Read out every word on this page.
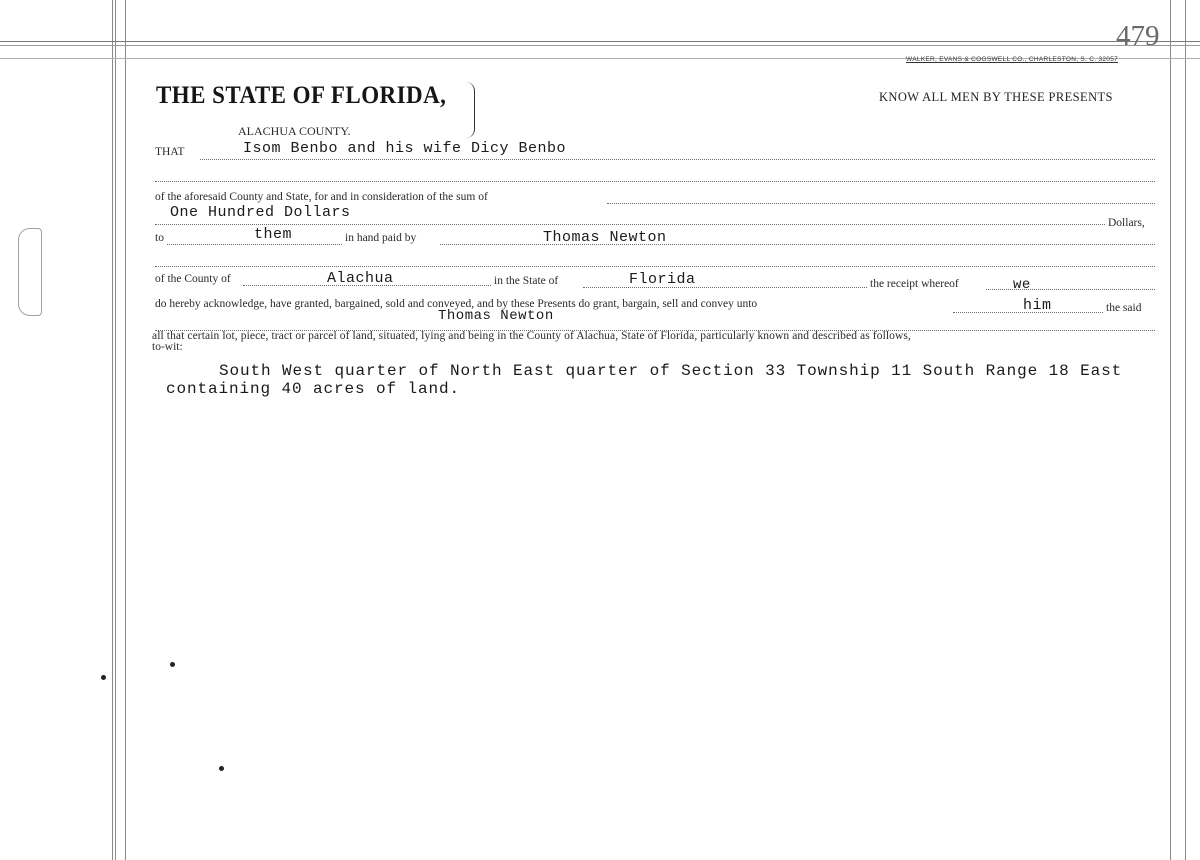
479
WALKER, EVANS & COGSWELL CO., CHARLESTON, S. C. 32057
THE STATE OF FLORIDA,	KNOW ALL MEN BY THESE PRESENTS
ALACHUA COUNTY.
THAT	Isom Benbo and his wife Dicy Benbo
of the aforesaid County and State, for and in consideration of the sum of
One Hundred Dollars
Dollars,
to	them	in hand paid by	Thomas Newton
of the County of	Alachua	in the State of	Florida	the receipt whereof	we
do hereby acknowledge, have granted, bargained, sold and conveyed, and by these Presents do grant, bargain, sell and convey unto	him	the said
Thomas Newton
all that certain lot, piece, tract or parcel of land, situated, lying and being in the County of Alachua, State of Florida, particularly known and described as follows,
to-wit:
South West quarter of North East quarter of Section 33 Township 11 South Range 18 East
containing 40 acres of land.
